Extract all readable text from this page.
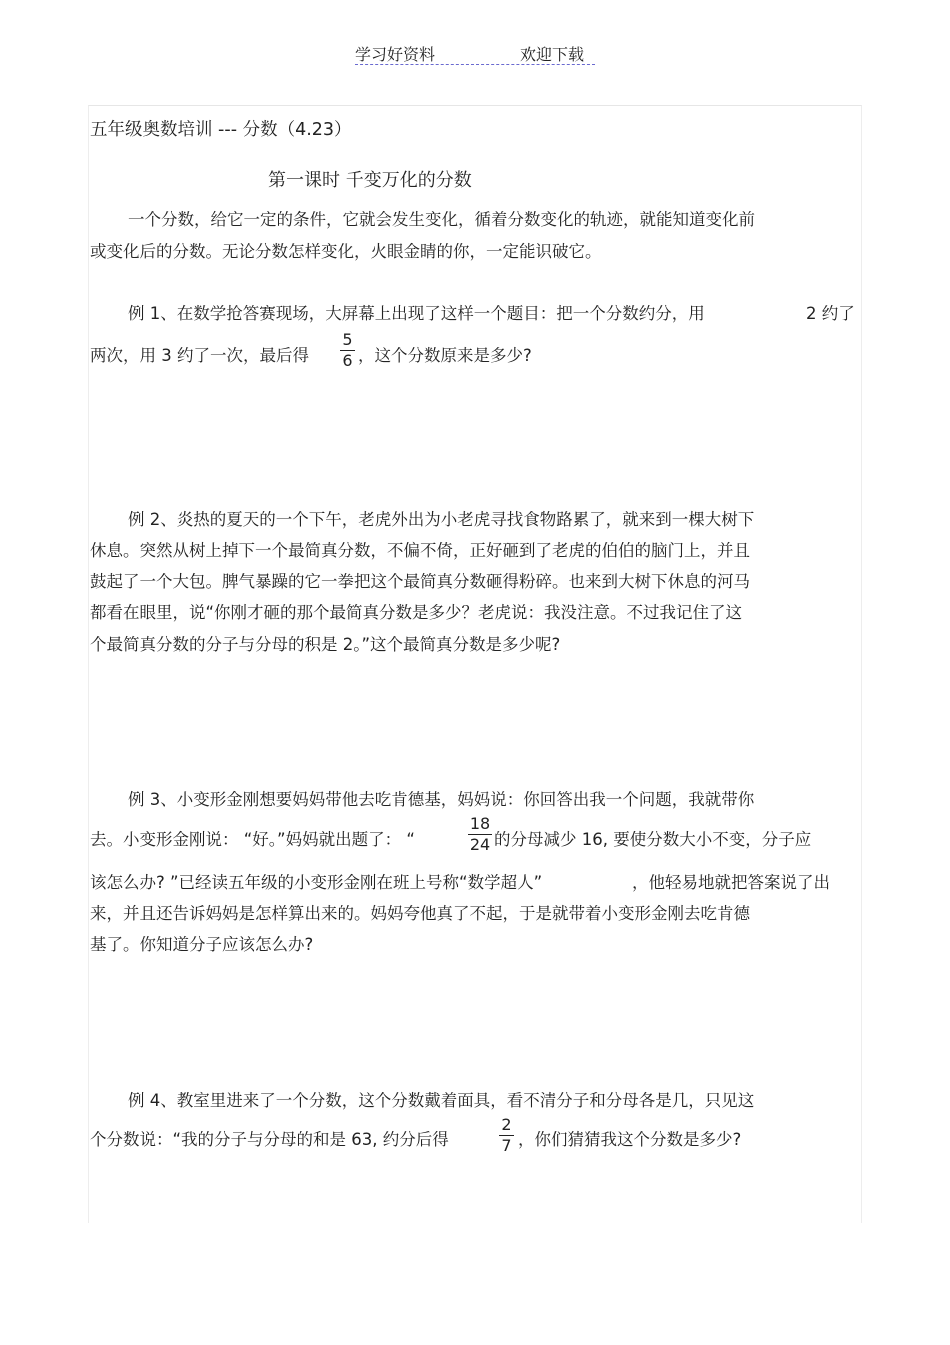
学习好资料	欢迎下载
五年级奥数培训 --- 分数（4.23）
第一课时 千变万化的分数
一个分数，给它一定的条件，它就会发生变化，循着分数变化的轨迹，就能知道变化前
或变化后的分数。无论分数怎样变化，火眼金睛的你，一定能识破它。
例 1、在数学抢答赛现场，大屏幕上出现了这样一个题目：把一个分数约分，用	2 约了
两次，用 3 约了一次，最后得
5
6 ，这个分数原来是多少?
例 2、炎热的夏天的一个下午，老虎外出为小老虎寻找食物路累了，就来到一棵大树下
休息。突然从树上掉下一个最简真分数，不偏不倚，正好砸到了老虎的伯伯的脑门上，并且
鼓起了一个大包。脾气暴躁的它一拳把这个最简真分数砸得粉碎。也来到大树下休息的河马
都看在眼里，说“你刚才砸的那个最简真分数是多少？老虎说：我没注意。不过我记住了这
个最简真分数的分子与分母的积是 2。”这个最简真分数是多少呢?
例 3、小变形金刚想要妈妈带他去吃肯德基，妈妈说：你回答出我一个问题，我就带你
去。小变形金刚说： “好。”妈妈就出题了： “
18
24 的分母减少 16, 要使分数大小不变，分子应
该怎么办? ”已经读五年级的小变形金刚在班上号称“数学超人”	，他轻易地就把答案说了出
来，并且还告诉妈妈是怎样算出来的。妈妈夸他真了不起，于是就带着小变形金刚去吃肯德
基了。你知道分子应该怎么办?
例 4、教室里进来了一个分数，这个分数戴着面具，看不清分子和分母各是几，只见这
个分数说：“我的分子与分母的和是 63, 约分后得
2
7 ，你们猜猜我这个分数是多少?
